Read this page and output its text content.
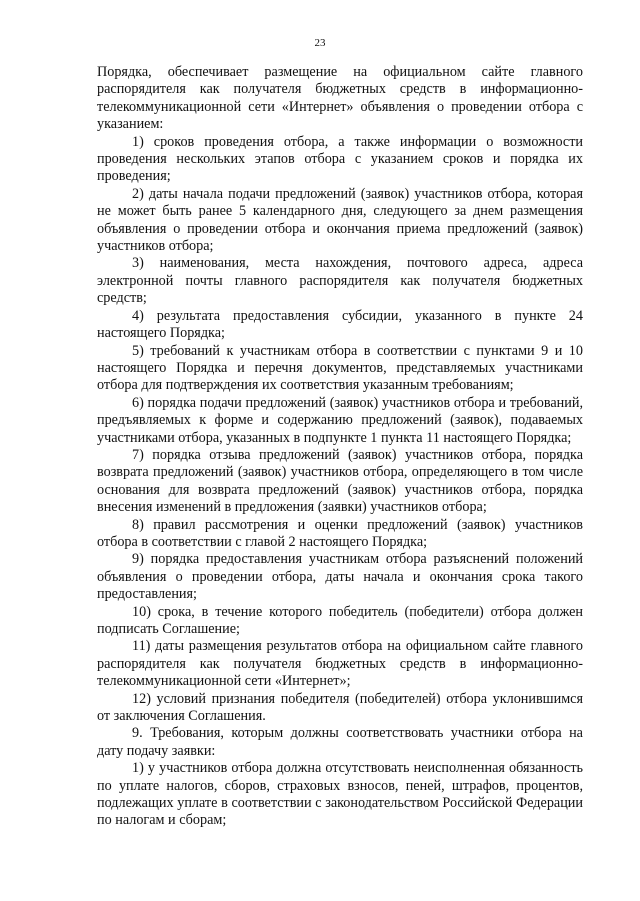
23

Порядка, обеспечивает размещение на официальном сайте главного распорядителя как получателя бюджетных средств в информационно-телекоммуникационной сети «Интернет» объявления о проведении отбора с указанием:

1) сроков проведения отбора, а также информации о возможности проведения нескольких этапов отбора с указанием сроков и порядка их проведения;

2) даты начала подачи предложений (заявок) участников отбора, которая не может быть ранее 5 календарного дня, следующего за днем размещения объявления о проведении отбора и окончания приема предложений (заявок) участников отбора;

3) наименования, места нахождения, почтового адреса, адреса электронной почты главного распорядителя как получателя бюджетных средств;

4) результата предоставления субсидии, указанного в пункте 24 настоящего Порядка;

5) требований к участникам отбора в соответствии с пунктами 9 и 10 настоящего Порядка и перечня документов, представляемых участниками отбора для подтверждения их соответствия указанным требованиям;

6) порядка подачи предложений (заявок) участников отбора и требований, предъявляемых к форме и содержанию предложений (заявок), подаваемых участниками отбора, указанных в подпункте 1 пункта 11 настоящего Порядка;

7) порядка отзыва предложений (заявок) участников отбора, порядка возврата предложений (заявок) участников отбора, определяющего в том числе основания для возврата предложений (заявок) участников отбора, порядка внесения изменений в предложения (заявки) участников отбора;

8) правил рассмотрения и оценки предложений (заявок) участников отбора в соответствии с главой 2 настоящего Порядка;

9) порядка предоставления участникам отбора разъяснений положений объявления о проведении отбора, даты начала и окончания срока такого предоставления;

10) срока, в течение которого победитель (победители) отбора должен подписать Соглашение;

11) даты размещения результатов отбора на официальном сайте главного распорядителя как получателя бюджетных средств в информационно-телекоммуникационной сети «Интернет»;

12) условий признания победителя (победителей) отбора уклонившимся от заключения Соглашения.

9. Требования, которым должны соответствовать участники отбора на дату подачу заявки:

1) у участников отбора должна отсутствовать неисполненная обязанность по уплате налогов, сборов, страховых взносов, пеней, штрафов, процентов, подлежащих уплате в соответствии с законодательством Российской Федерации по налогам и сборам;
